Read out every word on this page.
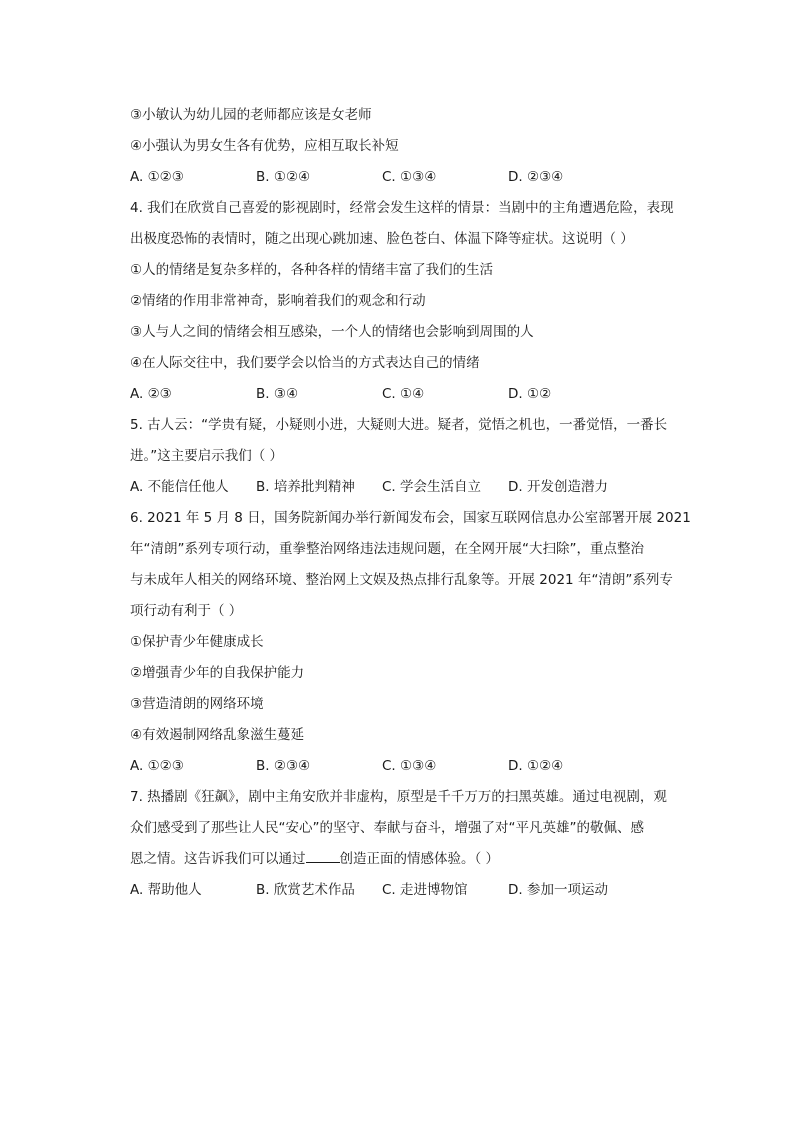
③小敏认为幼儿园的老师都应该是女老师
④小强认为男女生各有优势，应相互取长补短
A. ①②③	B. ①②④	C. ①③④	D. ②③④
4. 我们在欣赏自己喜爱的影视剧时，经常会发生这样的情景：当剧中的主角遭遇危险，表现
出极度恐怖的表情时，随之出现心跳加速、脸色苍白、体温下降等症状。这说明（ ）
①人的情绪是复杂多样的，各种各样的情绪丰富了我们的生活
②情绪的作用非常神奇，影响着我们的观念和行动
③人与人之间的情绪会相互感染，一个人的情绪也会影响到周围的人
④在人际交往中，我们要学会以恰当的方式表达自己的情绪
A. ②③	B. ③④	C. ①④	D. ①②
5. 古人云：“学贵有疑，小疑则小进，大疑则大进。疑者，觉悟之机也，一番觉悟，一番长
进。”这主要启示我们（ ）
A. 不能信任他人	B. 培养批判精神	C. 学会生活自立	D. 开发创造潜力
6. 2021 年 5 月 8 日，国务院新闻办举行新闻发布会，国家互联网信息办公室部署开展 2021
年“清朗”系列专项行动，重拳整治网络违法违规问题，在全网开展“大扫除”，重点整治
与未成年人相关的网络环境、整治网上文娱及热点排行乱象等。开展 2021 年“清朗”系列专
项行动有利于（ ）
①保护青少年健康成长
②增强青少年的自我保护能力
③营造清朗的网络环境
④有效遏制网络乱象滋生蔓延
A. ①②③	B. ②③④	C. ①③④	D. ①②④
7. 热播剧《狂飙》，剧中主角安欣并非虚构，原型是千千万万的扫黑英雄。通过电视剧，观
众们感受到了那些让人民“安心”的坚守、奉献与奋斗，增强了对“平凡英雄”的敬佩、感
恩之情。这告诉我们可以通过	创造正面的情感体验。（ ）
A. 帮助他人	B. 欣赏艺术作品	C. 走进博物馆	D. 参加一项运动
